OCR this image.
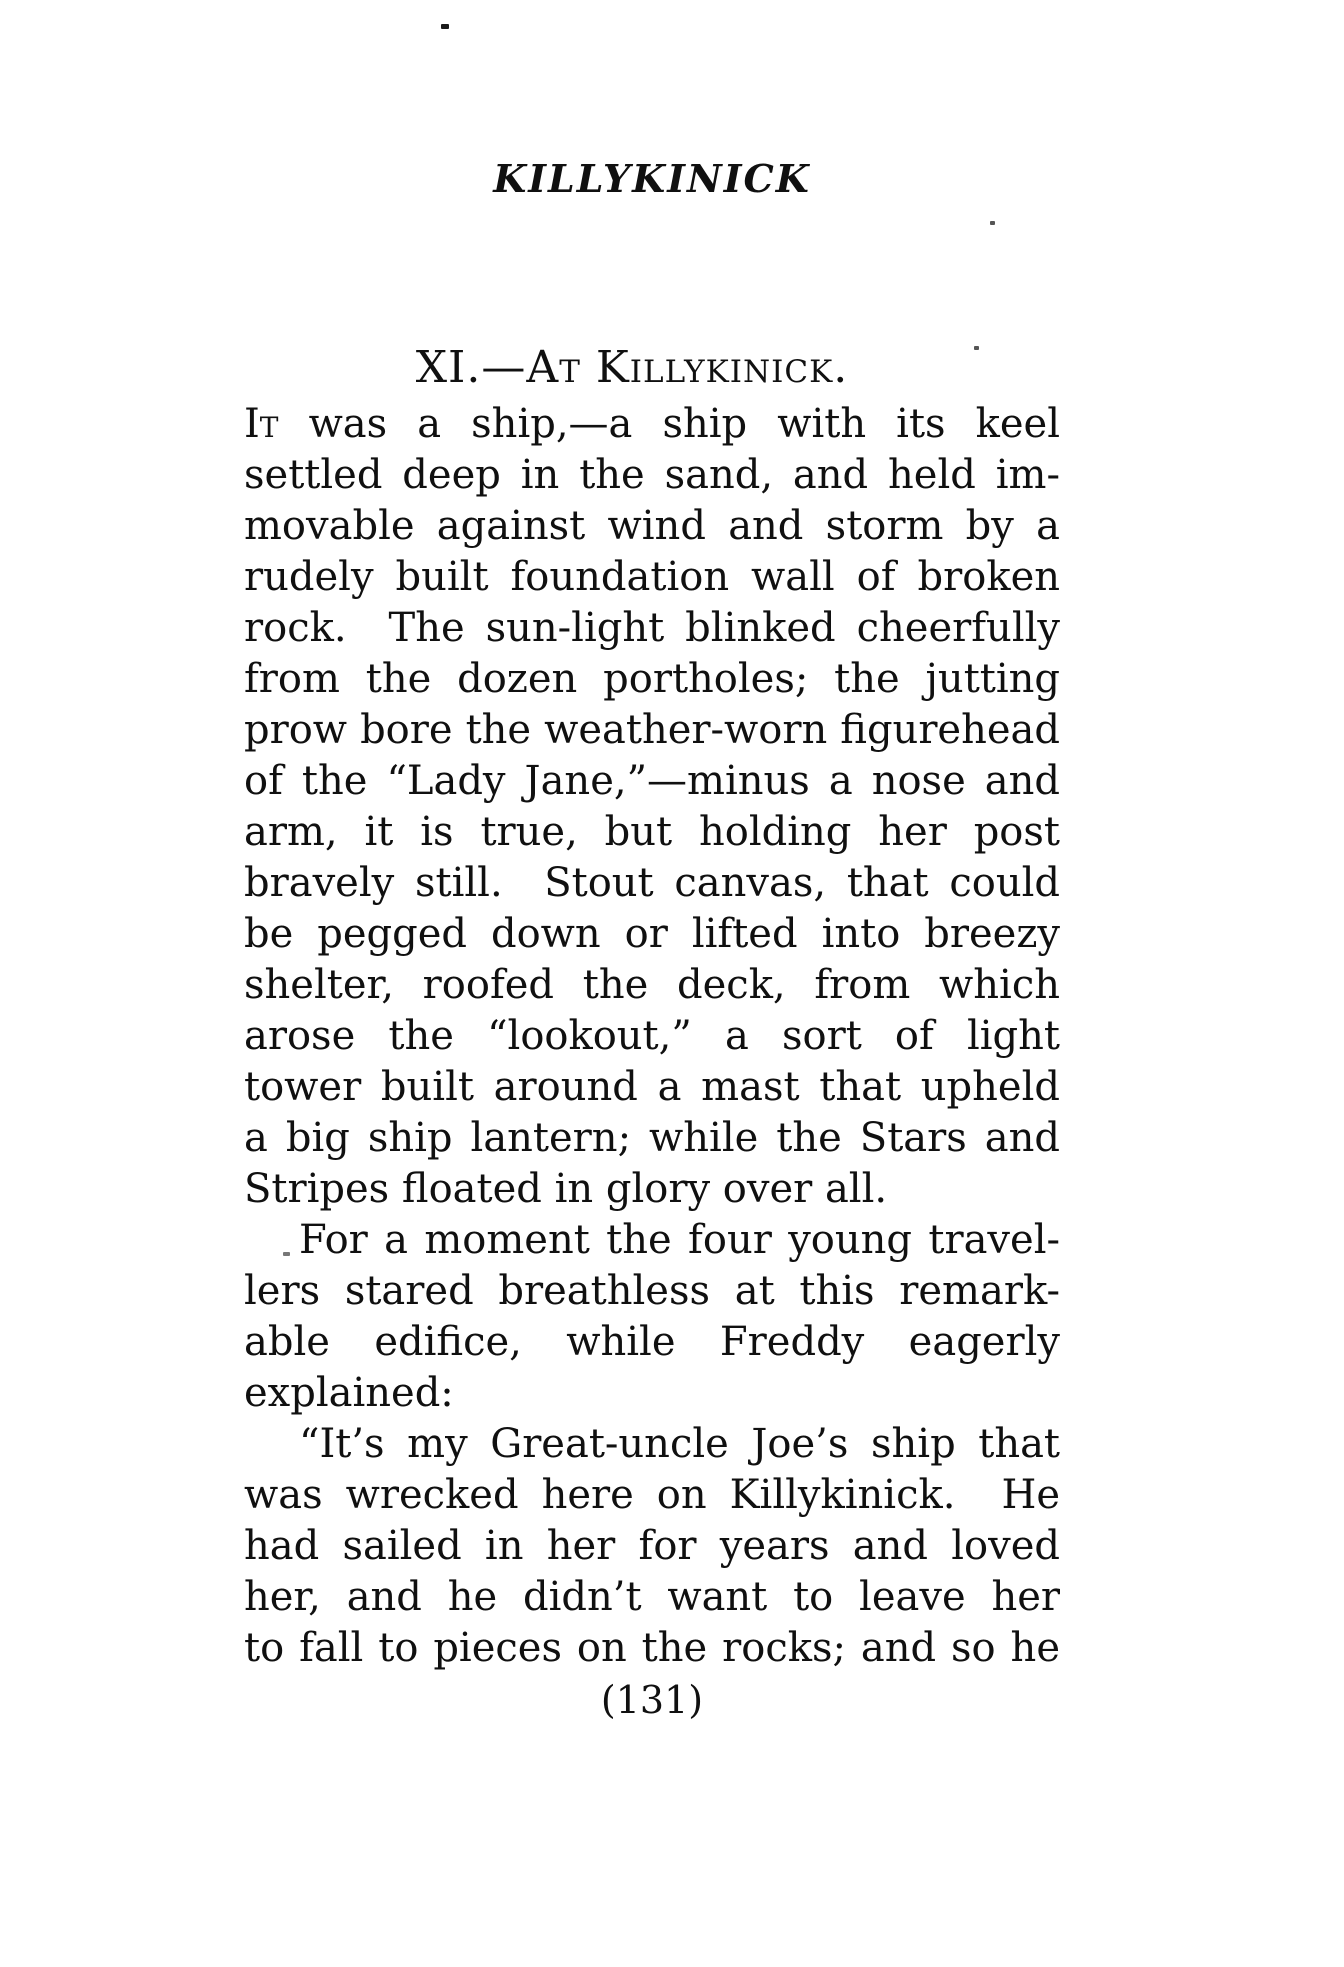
KILLYKINICK
XI.—At Killykinick.
It was a ship,—a ship with its keel
settled deep in the sand, and held im-
movable against wind and storm by a
rudely built foundation wall of broken
rock.  The sun-light blinked cheerfully
from the dozen portholes; the jutting
prow bore the weather-worn figurehead
of the “Lady Jane,”—minus a nose and
arm, it is true, but holding her post
bravely still.  Stout canvas, that could
be pegged down or lifted into breezy
shelter, roofed the deck, from which
arose the “lookout,” a sort of light
tower built around a mast that upheld
a big ship lantern; while the Stars and
Stripes floated in glory over all.
For a moment the four young travel-
lers stared breathless at this remark-
able edifice, while Freddy eagerly
explained:
“It’s my Great-uncle Joe’s ship that
was wrecked here on Killykinick.  He
had sailed in her for years and loved
her, and he didn’t want to leave her
to fall to pieces on the rocks; and so he
(131)
